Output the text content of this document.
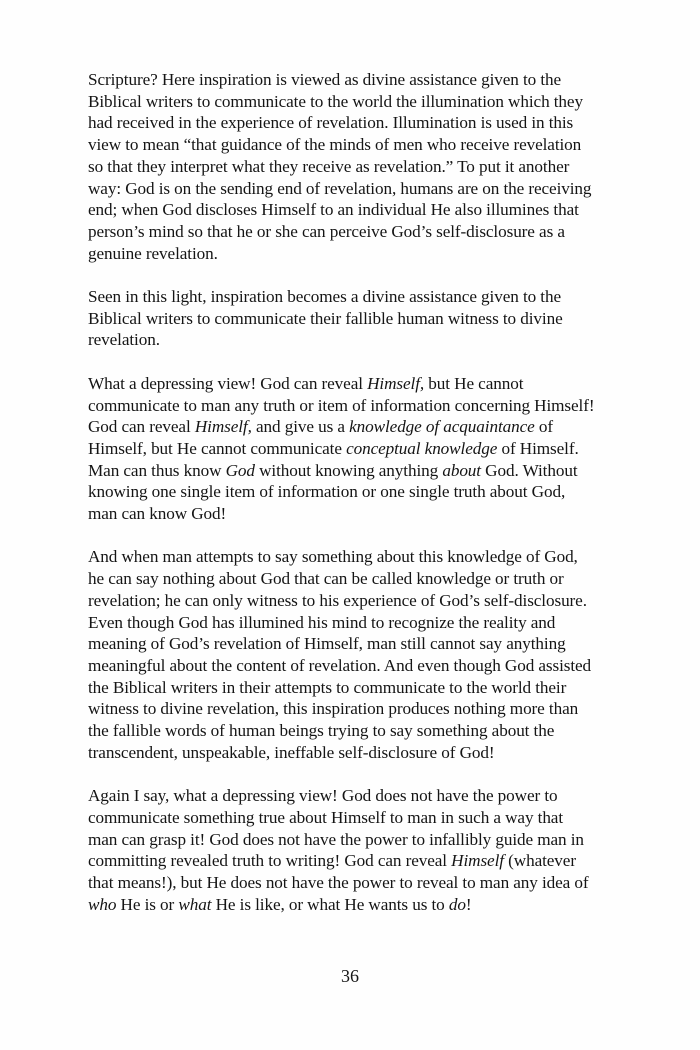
Scripture? Here inspiration is viewed as divine assistance given to the
Biblical writers to communicate to the world the illumination which they
had received in the experience of revelation. Illumination is used in this
view to mean “that guidance of the minds of men who receive revelation
so that they interpret what they receive as revelation.” To put it another
way: God is on the sending end of revelation, humans are on the receiving
end; when God discloses Himself to an individual He also illumines that
person’s mind so that he or she can perceive God’s self-disclosure as a
genuine revelation.

Seen in this light, inspiration becomes a divine assistance given to the
Biblical writers to communicate their fallible human witness to divine
revelation.

What a depressing view! God can reveal Himself, but He cannot
communicate to man any truth or item of information concerning Himself!
God can reveal Himself, and give us a knowledge of acquaintance of
Himself, but He cannot communicate conceptual knowledge of Himself.
Man can thus know God without knowing anything about God. Without
knowing one single item of information or one single truth about God,
man can know God!

And when man attempts to say something about this knowledge of God,
he can say nothing about God that can be called knowledge or truth or
revelation; he can only witness to his experience of God’s self-disclosure.
Even though God has illumined his mind to recognize the reality and
meaning of God’s revelation of Himself, man still cannot say anything
meaningful about the content of revelation. And even though God assisted
the Biblical writers in their attempts to communicate to the world their
witness to divine revelation, this inspiration produces nothing more than
the fallible words of human beings trying to say something about the
transcendent, unspeakable, ineffable self-disclosure of God!

Again I say, what a depressing view! God does not have the power to
communicate something true about Himself to man in such a way that
man can grasp it! God does not have the power to infallibly guide man in
committing revealed truth to writing! God can reveal Himself (whatever
that means!), but He does not have the power to reveal to man any idea of
who He is or what He is like, or what He wants us to do!

36
